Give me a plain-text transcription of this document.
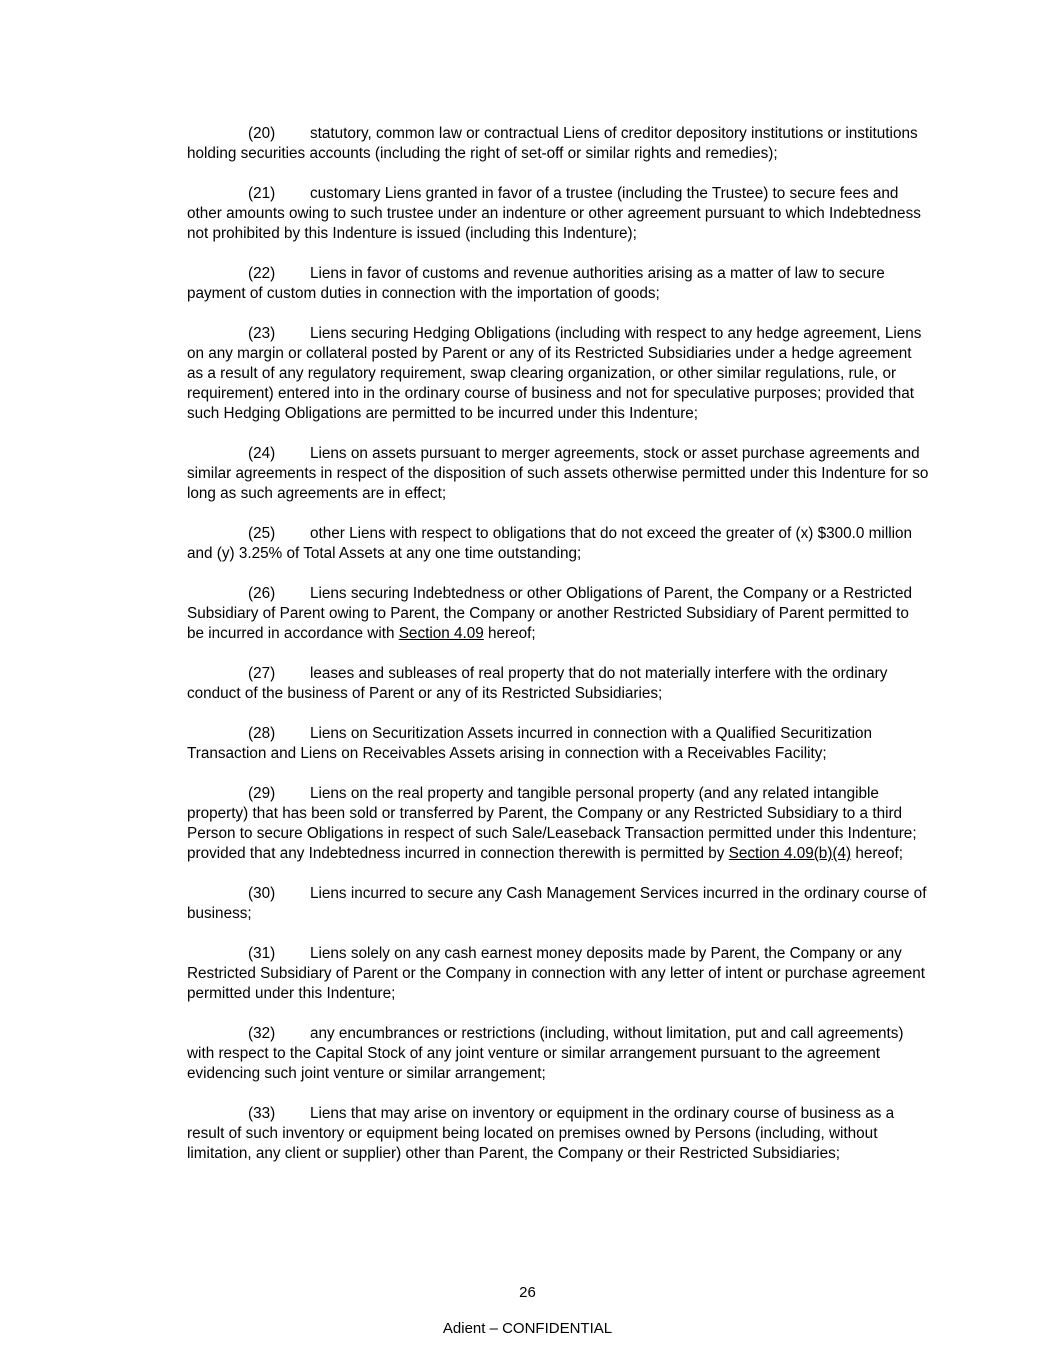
(20) statutory, common law or contractual Liens of creditor depository institutions or institutions holding securities accounts (including the right of set-off or similar rights and remedies);

(21) customary Liens granted in favor of a trustee (including the Trustee) to secure fees and other amounts owing to such trustee under an indenture or other agreement pursuant to which Indebtedness not prohibited by this Indenture is issued (including this Indenture);

(22) Liens in favor of customs and revenue authorities arising as a matter of law to secure payment of custom duties in connection with the importation of goods;

(23) Liens securing Hedging Obligations (including with respect to any hedge agreement, Liens on any margin or collateral posted by Parent or any of its Restricted Subsidiaries under a hedge agreement as a result of any regulatory requirement, swap clearing organization, or other similar regulations, rule, or requirement) entered into in the ordinary course of business and not for speculative purposes; provided that such Hedging Obligations are permitted to be incurred under this Indenture;

(24) Liens on assets pursuant to merger agreements, stock or asset purchase agreements and similar agreements in respect of the disposition of such assets otherwise permitted under this Indenture for so long as such agreements are in effect;

(25) other Liens with respect to obligations that do not exceed the greater of (x) $300.0 million and (y) 3.25% of Total Assets at any one time outstanding;

(26) Liens securing Indebtedness or other Obligations of Parent, the Company or a Restricted Subsidiary of Parent owing to Parent, the Company or another Restricted Subsidiary of Parent permitted to be incurred in accordance with Section 4.09 hereof;

(27) leases and subleases of real property that do not materially interfere with the ordinary conduct of the business of Parent or any of its Restricted Subsidiaries;

(28) Liens on Securitization Assets incurred in connection with a Qualified Securitization Transaction and Liens on Receivables Assets arising in connection with a Receivables Facility;

(29) Liens on the real property and tangible personal property (and any related intangible property) that has been sold or transferred by Parent, the Company or any Restricted Subsidiary to a third Person to secure Obligations in respect of such Sale/Leaseback Transaction permitted under this Indenture; provided that any Indebtedness incurred in connection therewith is permitted by Section 4.09(b)(4) hereof;

(30) Liens incurred to secure any Cash Management Services incurred in the ordinary course of business;

(31) Liens solely on any cash earnest money deposits made by Parent, the Company or any Restricted Subsidiary of Parent or the Company in connection with any letter of intent or purchase agreement permitted under this Indenture;

(32) any encumbrances or restrictions (including, without limitation, put and call agreements) with respect to the Capital Stock of any joint venture or similar arrangement pursuant to the agreement evidencing such joint venture or similar arrangement;

(33) Liens that may arise on inventory or equipment in the ordinary course of business as a result of such inventory or equipment being located on premises owned by Persons (including, without limitation, any client or supplier) other than Parent, the Company or their Restricted Subsidiaries;

26
Adient – CONFIDENTIAL
